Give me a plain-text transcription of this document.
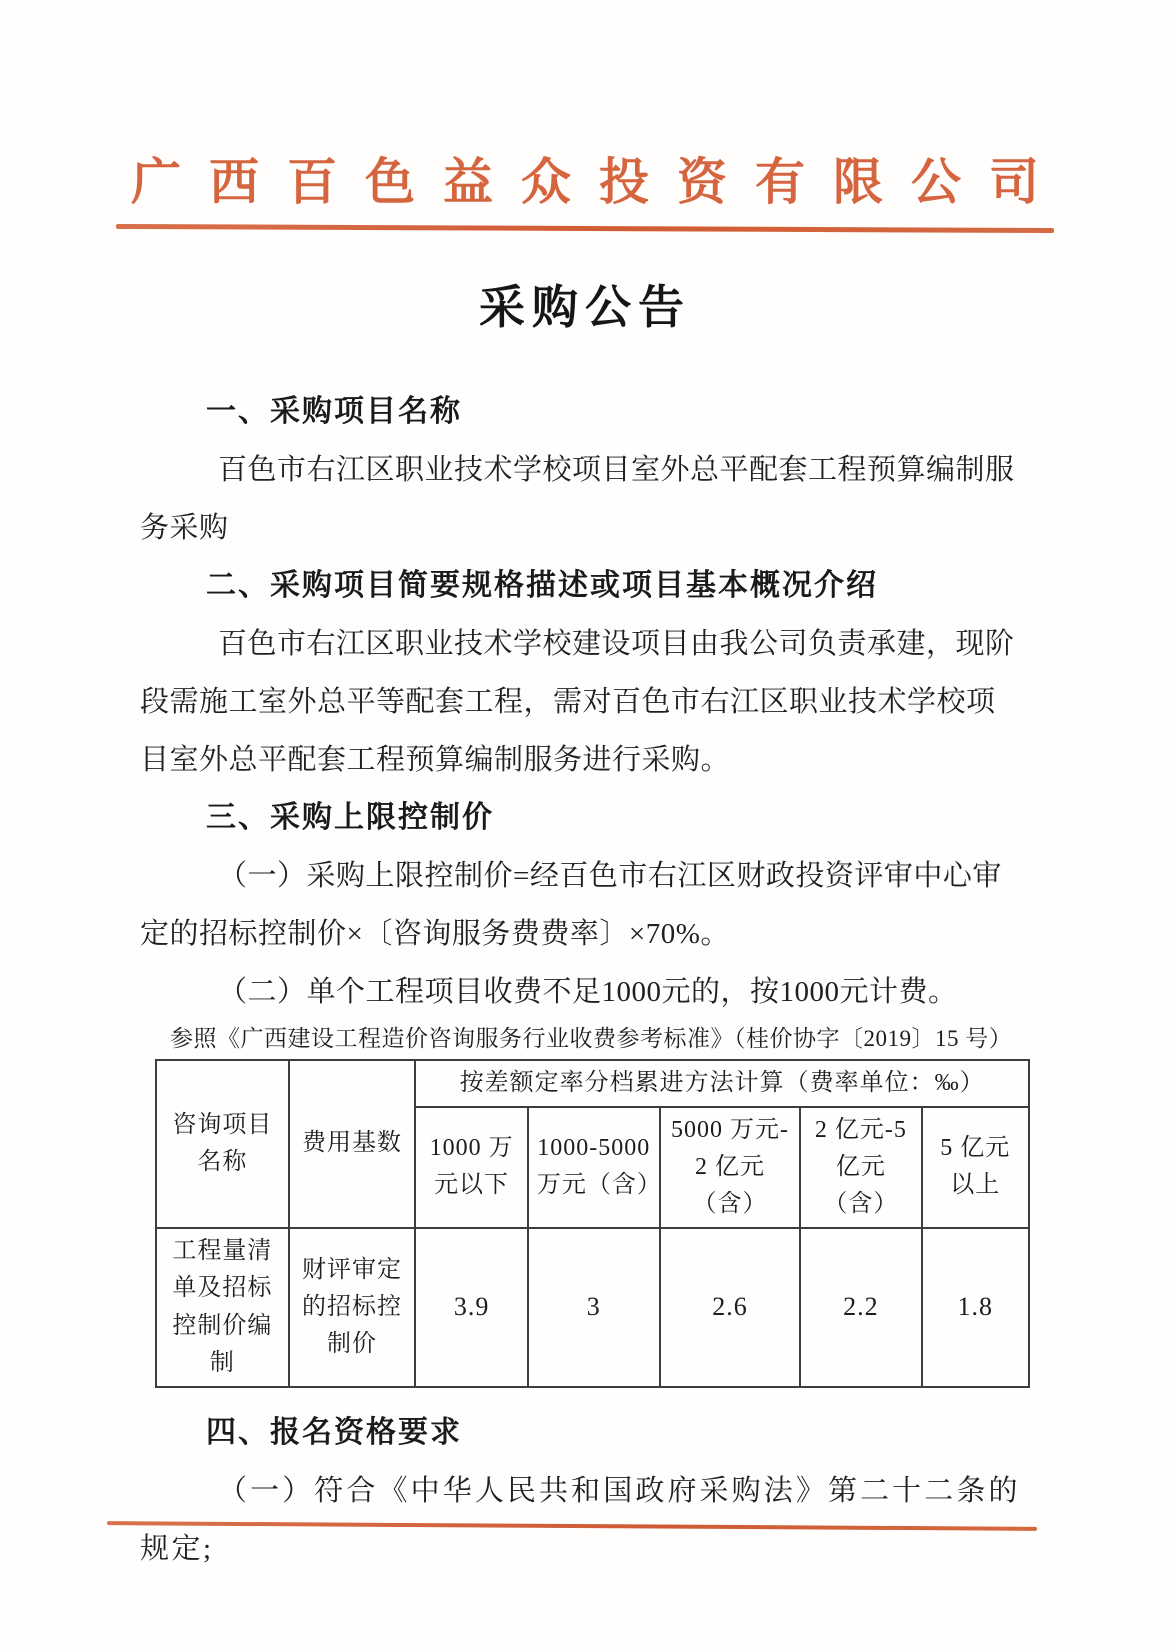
广西百色益众投资有限公司
采购公告
一、采购项目名称

百色市右江区职业技术学校项目室外总平配套工程预算编制服务采购

二、采购项目简要规格描述或项目基本概况介绍

百色市右江区职业技术学校建设项目由我公司负责承建，现阶段需施工室外总平等配套工程，需对百色市右江区职业技术学校项目室外总平配套工程预算编制服务进行采购。

三、采购上限控制价

（一）采购上限控制价=经百色市右江区财政投资评审中心审定的招标控制价×〔咨询服务费费率〕×70%。

（二）单个工程项目收费不足1000元的，按1000元计费。

参照《广西建设工程造价咨询服务行业收费参考标准》（桂价协字〔2019〕15 号）

咨询项目名称	费用基数	按差额定率分档累进方法计算（费率单位：‰）				
		1000 万元以下	1000-5000 万元（含）	5000 万元-2 亿元（含）	2 亿元-5 亿元（含）	5 亿元以上
工程量清单及招标控制价编制	财评审定的招标控制价	3.9	3	2.6	2.2	1.8
四、报名资格要求

（一）符合《中华人民共和国政府采购法》第二十二条的规定;
